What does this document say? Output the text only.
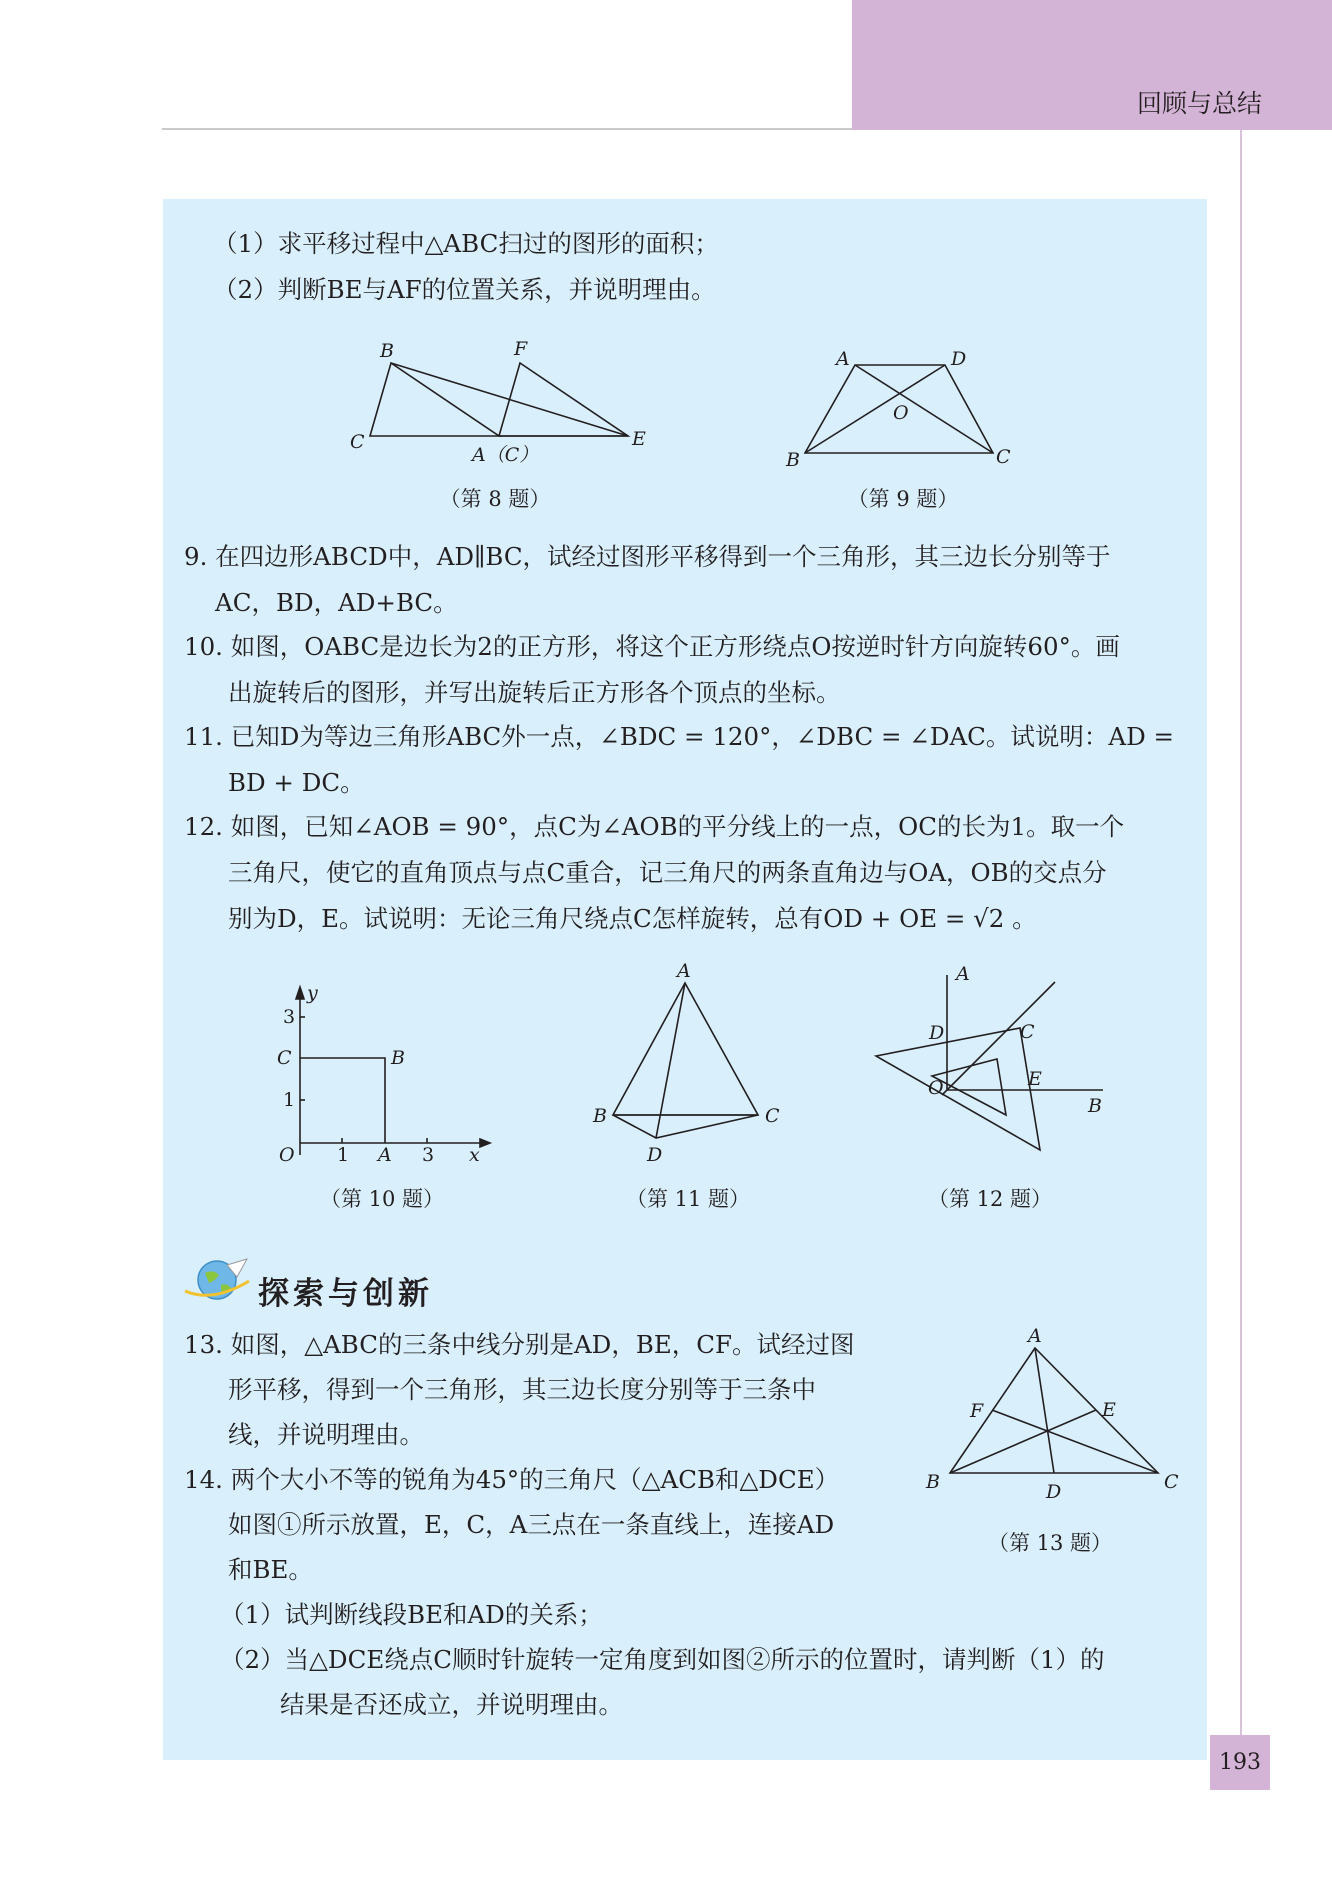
回顾与总结
（1）求平移过程中△ABC扫过的图形的面积；
（2）判断BE与AF的位置关系，并说明理由。
B	F
C
A（C）
E
（第 8 题）
A	D
O
B	C
（第 9 题）
9. 在四边形ABCD中，AD∥BC，试经过图形平移得到一个三角形，其三边长分别等于
AC，BD，AD+BC。
10. 如图，OABC是边长为2的正方形，将这个正方形绕点O按逆时针方向旋转60°。画
出旋转后的图形，并写出旋转后正方形各个顶点的坐标。
11. 已知D为等边三角形ABC外一点，∠BDC = 120°，∠DBC = ∠DAC。试说明：AD =
BD + DC。
12. 如图，已知∠AOB = 90°，点C为∠AOB的平分线上的一点，OC的长为1。取一个
三角尺，使它的直角顶点与点C重合，记三角尺的两条直角边与OA，OB的交点分
别为D，E。试说明：无论三角尺绕点C怎样旋转，总有OD + OE = √2 。
y
3
C	B
1
O 1 A 3 x
（第 10 题）
A
B	C
D
（第 11 题）
A
D	C
O	E
B
（第 12 题）
探索与创新
13. 如图，△ABC的三条中线分别是AD，BE，CF。试经过图
形平移，得到一个三角形，其三边长度分别等于三条中
线，并说明理由。
14. 两个大小不等的锐角为45°的三角尺（△ACB和△DCE）
如图①所示放置，E，C，A三点在一条直线上，连接AD
和BE。
（1）试判断线段BE和AD的关系；
（2）当△DCE绕点C顺时针旋转一定角度到如图②所示的位置时，请判断（1）的
结果是否还成立，并说明理由。
A
F	E
B	D	C
（第 13 题）
193
